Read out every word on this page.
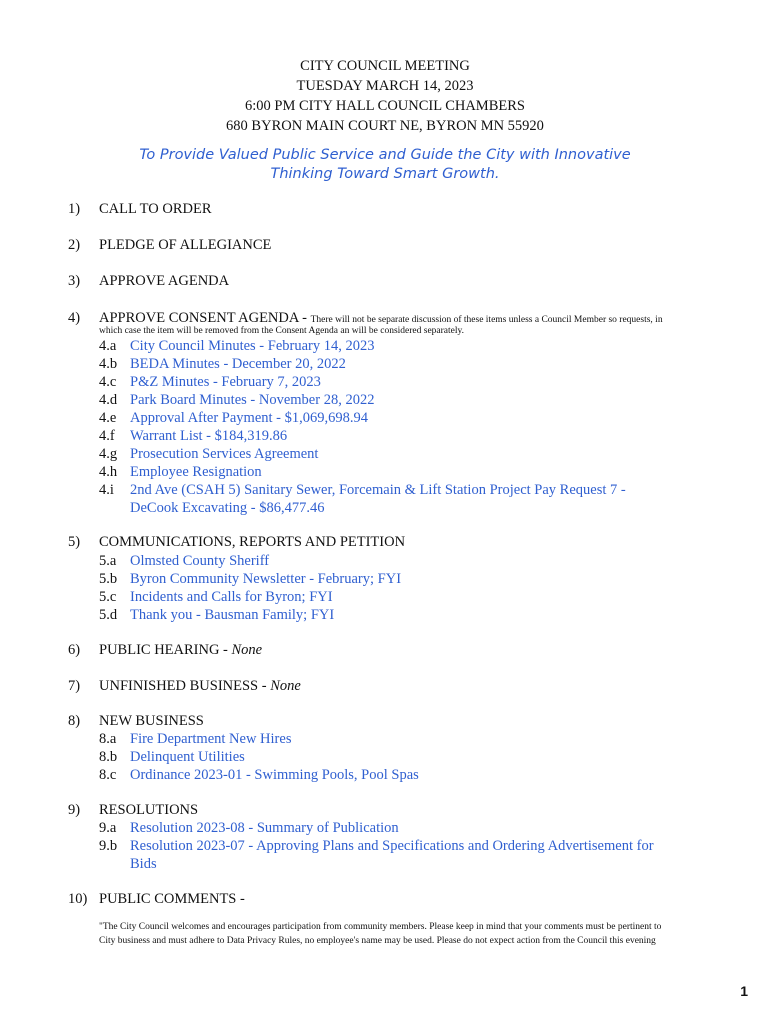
CITY COUNCIL MEETING
TUESDAY MARCH 14, 2023
6:00 PM CITY HALL COUNCIL CHAMBERS
680 BYRON MAIN COURT NE, BYRON MN 55920
To Provide Valued Public Service and Guide the City with Innovative
Thinking Toward Smart Growth.
1) CALL TO ORDER
2) PLEDGE OF ALLEGIANCE
3) APPROVE AGENDA
4) APPROVE CONSENT AGENDA - There will not be separate discussion of these items unless a Council Member so requests, in
which case the item will be removed from the Consent Agenda an will be considered separately.
4.a City Council Minutes - February 14, 2023
4.b BEDA Minutes - December 20, 2022
4.c P&Z Minutes - February 7, 2023
4.d Park Board Minutes - November 28, 2022
4.e Approval After Payment - $1,069,698.94
4.f Warrant List - $184,319.86
4.g Prosecution Services Agreement
4.h Employee Resignation
4.i 2nd Ave (CSAH 5) Sanitary Sewer, Forcemain & Lift Station Project Pay Request 7 -
DeCook Excavating - $86,477.46
5) COMMUNICATIONS, REPORTS AND PETITION
5.a Olmsted County Sheriff
5.b Byron Community Newsletter - February; FYI
5.c Incidents and Calls for Byron; FYI
5.d Thank you - Bausman Family; FYI
6) PUBLIC HEARING - None
7) UNFINISHED BUSINESS - None
8) NEW BUSINESS
8.a Fire Department New Hires
8.b Delinquent Utilities
8.c Ordinance 2023-01 - Swimming Pools, Pool Spas
9) RESOLUTIONS
9.a Resolution 2023-08 - Summary of Publication
9.b Resolution 2023-07 - Approving Plans and Specifications and Ordering Advertisement for
Bids
10) PUBLIC COMMENTS -
"The City Council welcomes and encourages participation from community members. Please keep in mind that your comments must be pertinent to
City business and must adhere to Data Privacy Rules, no employee's name may be used. Please do not expect action from the Council this evening
1
